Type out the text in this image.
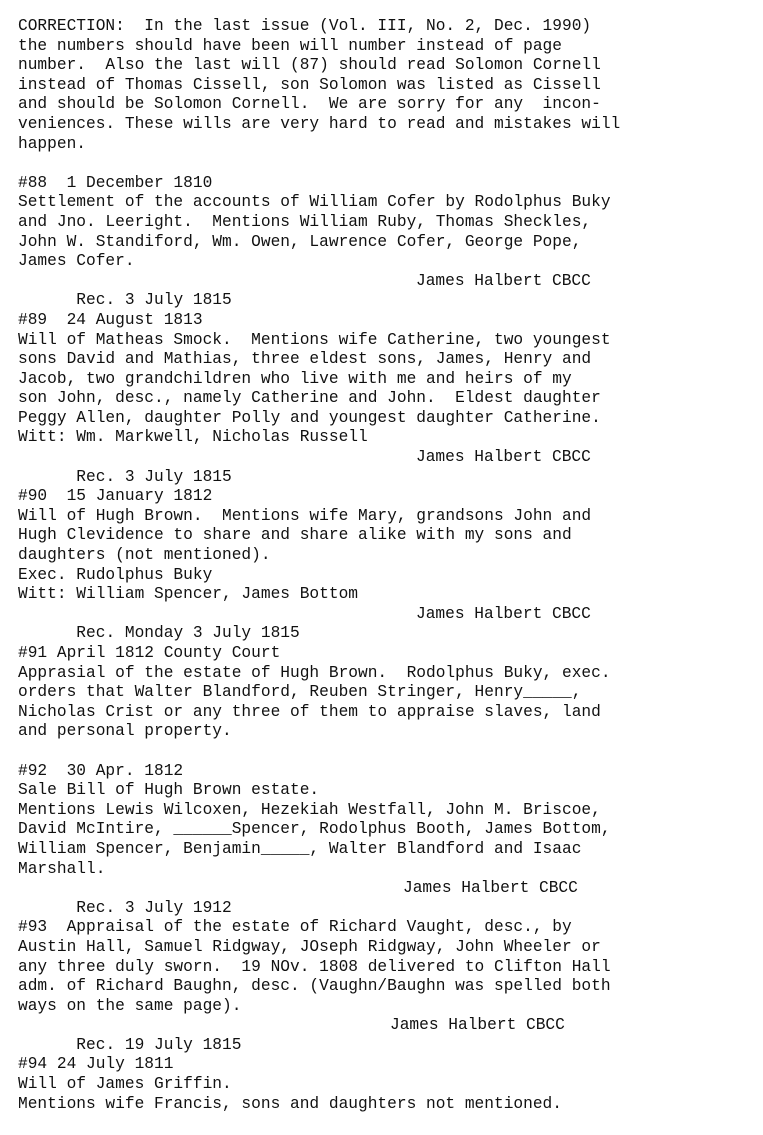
CORRECTION:  In the last issue (Vol. III, No. 2, Dec. 1990)
the numbers should have been will number instead of page
number.  Also the last will (87) should read Solomon Cornell
instead of Thomas Cissell, son Solomon was listed as Cissell
and should be Solomon Cornell.  We are sorry for any  incon-
veniences. These wills are very hard to read and mistakes will
happen.
#88  1 December 1810
Settlement of the accounts of William Cofer by Rodolphus Buky
and Jno. Leeright.  Mentions William Ruby, Thomas Sheckles,
John W. Standiford, Wm. Owen, Lawrence Cofer, George Pope,
James Cofer.

Rec. 3 July 1815

James Halbert CBCC

#89  24 August 1813
Will of Matheas Smock.  Mentions wife Catherine, two youngest
sons David and Mathias, three eldest sons, James, Henry and
Jacob, two grandchildren who live with me and heirs of my
son John, desc., namely Catherine and John.  Eldest daughter
Peggy Allen, daughter Polly and youngest daughter Catherine.
Witt: Wm. Markwell, Nicholas Russell

Rec. 3 July 1815

James Halbert CBCC

#90  15 January 1812
Will of Hugh Brown.  Mentions wife Mary, grandsons John and
Hugh Clevidence to share and share alike with my sons and
daughters (not mentioned).
Exec. Rudolphus Buky
Witt: William Spencer, James Bottom

Rec. Monday 3 July 1815

James Halbert CBCC

#91 April 1812 County Court
Apprasial of the estate of Hugh Brown.  Rodolphus Buky, exec.
orders that Walter Blandford, Reuben Stringer, Henry_____,
Nicholas Crist or any three of them to appraise slaves, land
and personal property.
#92  30 Apr. 1812
Sale Bill of Hugh Brown estate.
Mentions Lewis Wilcoxen, Hezekiah Westfall, John M. Briscoe,
David McIntire, ______Spencer, Rodolphus Booth, James Bottom,
William Spencer, Benjamin_____, Walter Blandford and Isaac
Marshall.

Rec. 3 July 1912

James Halbert CBCC

#93  Appraisal of the estate of Richard Vaught, desc., by
Austin Hall, Samuel Ridgway, JOseph Ridgway, John Wheeler or
any three duly sworn.  19 NOv. 1808 delivered to Clifton Hall
adm. of Richard Baughn, desc. (Vaughn/Baughn was spelled both
ways on the same page).

Rec. 19 July 1815

James Halbert CBCC

#94 24 July 1811
Will of James Griffin.
Mentions wife Francis, sons and daughters not mentioned.
